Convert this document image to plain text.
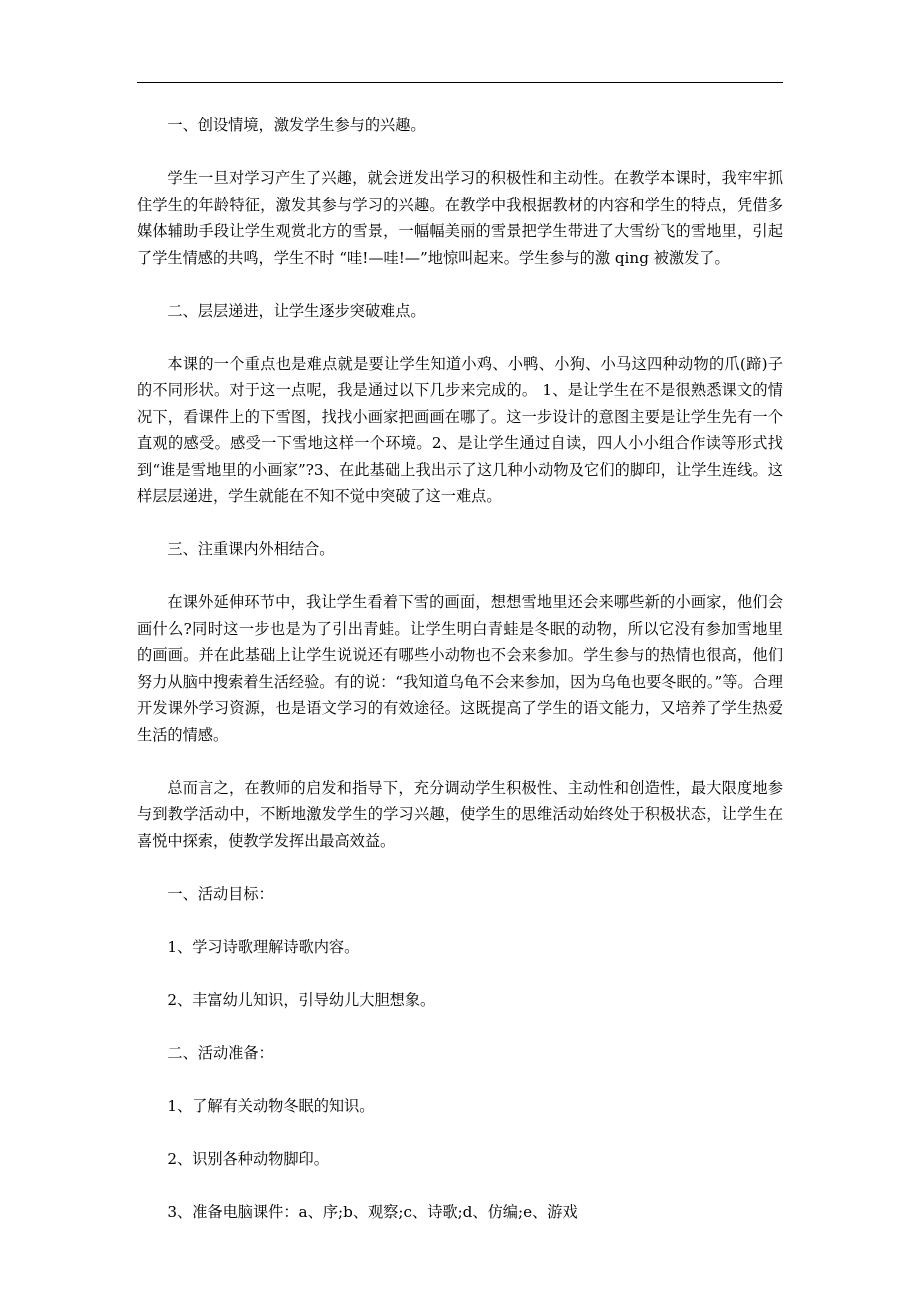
一、创设情境，激发学生参与的兴趣。

学生一旦对学习产生了兴趣，就会迸发出学习的积极性和主动性。在教学本课时，我牢牢抓住学生的年龄特征，激发其参与学习的兴趣。在教学中我根据教材的内容和学生的特点，凭借多媒体辅助手段让学生观赏北方的雪景，一幅幅美丽的雪景把学生带进了大雪纷飞的雪地里，引起了学生情感的共鸣，学生不时 “哇!—哇!—”地惊叫起来。学生参与的激 qing 被激发了。

二、层层递进，让学生逐步突破难点。

本课的一个重点也是难点就是要让学生知道小鸡、小鸭、小狗、小马这四种动物的爪(蹄)子的不同形状。对于这一点呢，我是通过以下几步来完成的。 1、是让学生在不是很熟悉课文的情况下，看课件上的下雪图，找找小画家把画画在哪了。这一步设计的意图主要是让学生先有一个直观的感受。感受一下雪地这样一个环境。2、是让学生通过自读，四人小小组合作读等形式找到“谁是雪地里的小画家”?3、在此基础上我出示了这几种小动物及它们的脚印，让学生连线。这样层层递进，学生就能在不知不觉中突破了这一难点。

三、注重课内外相结合。

在课外延伸环节中，我让学生看着下雪的画面，想想雪地里还会来哪些新的小画家，他们会画什么?同时这一步也是为了引出青蛙。让学生明白青蛙是冬眠的动物，所以它没有参加雪地里的画画。并在此基础上让学生说说还有哪些小动物也不会来参加。学生参与的热情也很高，他们努力从脑中搜索着生活经验。有的说：“我知道乌龟不会来参加，因为乌龟也要冬眠的。”等。合理开发课外学习资源，也是语文学习的有效途径。这既提高了学生的语文能力，又培养了学生热爱生活的情感。

总而言之，在教师的启发和指导下，充分调动学生积极性、主动性和创造性，最大限度地参与到教学活动中，不断地激发学生的学习兴趣，使学生的思维活动始终处于积极状态，让学生在喜悦中探索，使教学发挥出最高效益。

一、活动目标：

1、学习诗歌理解诗歌内容。

2、丰富幼儿知识，引导幼儿大胆想象。

二、活动准备：

1、了解有关动物冬眠的知识。

2、识别各种动物脚印。

3、准备电脑课件：a、序;b、观察;c、诗歌;d、仿编;e、游戏
